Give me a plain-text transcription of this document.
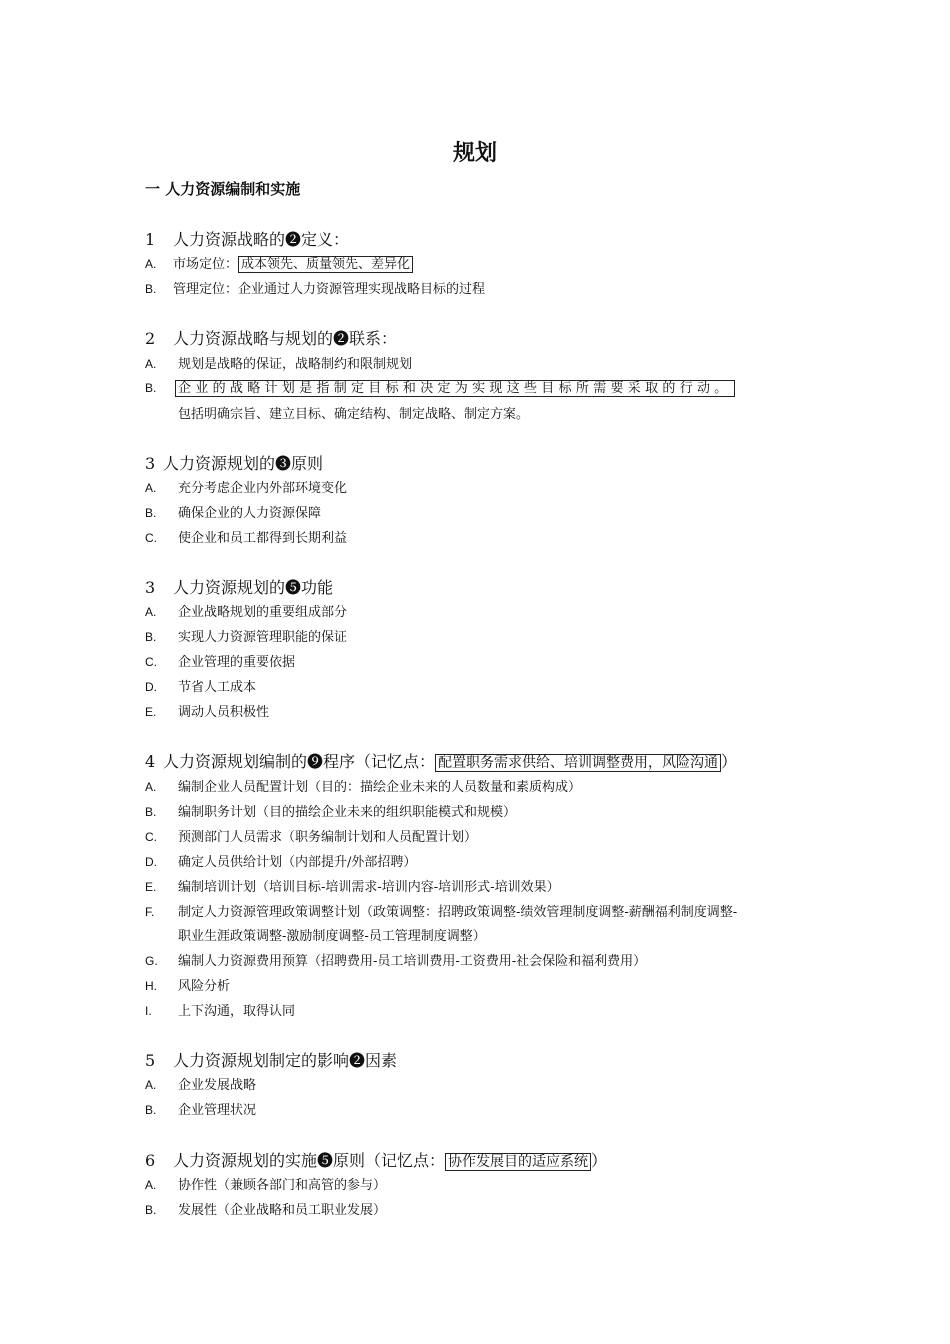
规划
一 人力资源编制和实施
1 人力资源战略的❷定义：
A. 市场定位： 成本领先、质量领先、差异化
B. 管理定位：企业通过人力资源管理实现战略目标的过程
2 人力资源战略与规划的❷联系：
A. 规划是战略的保证，战略制约和限制规划
B. 企业的战略计划是指制定目标和决定为实现这些目标所需要采取的行动。
包括明确宗旨、建立目标、确定结构、制定战略、制定方案。
3 人力资源规划的❸原则
A. 充分考虑企业内外部环境变化
B. 确保企业的人力资源保障
C. 使企业和员工都得到长期利益
3 人力资源规划的❺功能
A. 企业战略规划的重要组成部分
B. 实现人力资源管理职能的保证
C. 企业管理的重要依据
D. 节省人工成本
E. 调动人员积极性
4 人力资源规划编制的❾程序（记忆点： 配置职务需求供给、培训调整费用，风险沟通 ）
A. 编制企业人员配置计划（目的：描绘企业未来的人员数量和素质构成）
B. 编制职务计划（目的描绘企业未来的组织职能模式和规模）
C. 预测部门人员需求（职务编制计划和人员配置计划）
D. 确定人员供给计划（内部提升/外部招聘）
E. 编制培训计划（培训目标-培训需求-培训内容-培训形式-培训效果）
F. 制定人力资源管理政策调整计划（政策调整：招聘政策调整-绩效管理制度调整-薪酬福利制度调整-
职业生涯政策调整-激励制度调整-员工管理制度调整）
G. 编制人力资源费用预算（招聘费用-员工培训费用-工资费用-社会保险和福利费用）
H. 风险分析
I. 上下沟通，取得认同
5 人力资源规划制定的影响❷因素
A. 企业发展战略
B. 企业管理状况
6 人力资源规划的实施❺原则（记忆点： 协作发展目的适应系统 ）
A. 协作性（兼顾各部门和高管的参与）
B. 发展性（企业战略和员工职业发展）
